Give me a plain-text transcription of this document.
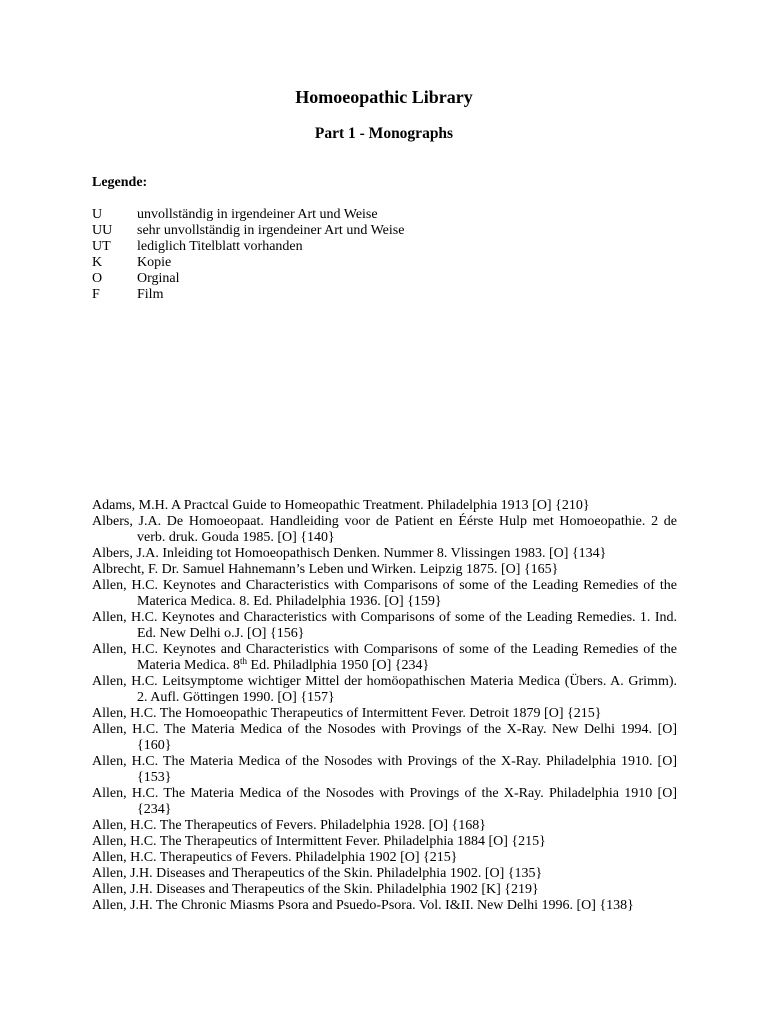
Homoeopathic Library
Part 1 - Monographs
Legende:
U unvollständig in irgendeiner Art und Weise
UU sehr unvollständig in irgendeiner Art und Weise
UT lediglich Titelblatt vorhanden
K Kopie
O Orginal
F	Film
Adams, M.H. A Practcal Guide to Homeopathic Treatment. Philadelphia 1913 [O] {210}
Albers, J.A. De Homoeopaat. Handleiding voor de Patient en Éérste Hulp met Homoeopathie. 2 de verb. druk. Gouda 1985. [O] {140}
Albers, J.A. Inleiding tot Homoeopathisch Denken. Nummer 8. Vlissingen 1983. [O] {134}
Albrecht, F. Dr. Samuel Hahnemann’s Leben und Wirken. Leipzig 1875. [O] {165}
Allen, H.C. Keynotes and Characteristics with Comparisons of some of the Leading Remedies of the Materica Medica. 8. Ed. Philadelphia 1936. [O] {159}
Allen, H.C. Keynotes and Characteristics with Comparisons of some of the Leading Remedies. 1. Ind. Ed. New Delhi o.J. [O] {156}
Allen, H.C. Keynotes and Characteristics with Comparisons of some of the Leading Remedies of the Materia Medica. 8th Ed. Philadlphia 1950 [O] {234}
Allen, H.C. Leitsymptome wichtiger Mittel der homöopathischen Materia Medica (Übers. A. Grimm). 2. Aufl. Göttingen 1990. [O] {157}
Allen, H.C. The Homoeopathic Therapeutics of Intermittent Fever. Detroit 1879 [O] {215}
Allen, H.C. The Materia Medica of the Nosodes with Provings of the X-Ray. New Delhi 1994. [O] {160}
Allen, H.C. The Materia Medica of the Nosodes with Provings of the X-Ray. Philadelphia 1910. [O] {153}
Allen, H.C. The Materia Medica of the Nosodes with Provings of the X-Ray. Philadelphia 1910 [O] {234}
Allen, H.C. The Therapeutics of Fevers. Philadelphia 1928. [O] {168}
Allen, H.C. The Therapeutics of Intermittent Fever. Philadelphia 1884 [O] {215}
Allen, H.C. Therapeutics of Fevers. Philadelphia 1902 [O] {215}
Allen, J.H. Diseases and Therapeutics of the Skin. Philadelphia 1902. [O] {135}
Allen, J.H. Diseases and Therapeutics of the Skin. Philadelphia 1902 [K] {219}
Allen, J.H. The Chronic Miasms Psora and Psuedo-Psora. Vol. I&II. New Delhi 1996. [O] {138}
